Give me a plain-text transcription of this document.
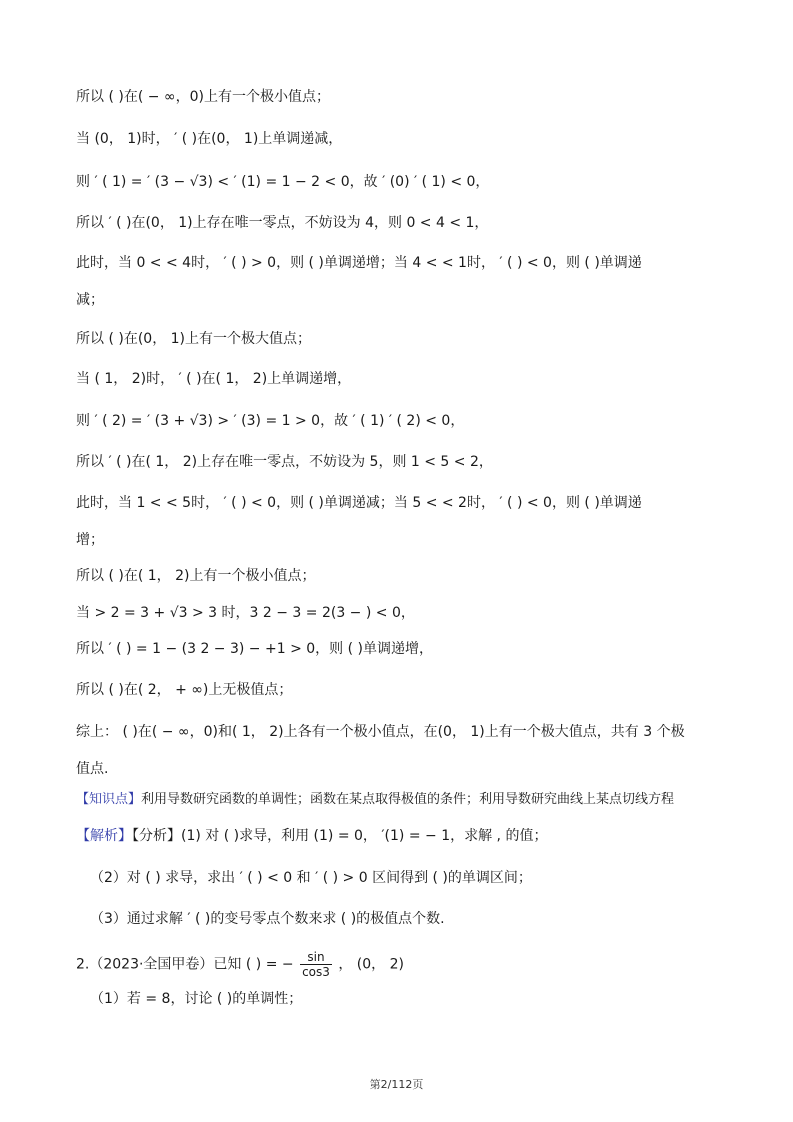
所以 ( )在( − ∞，0)上有一个极小值点；
当 (0， 1)时， ′ ( )在(0， 1)上单调递减，
则 ′ ( 1) = ′ (3 − √3) < ′ (1) = 1 − 2 < 0，故 ′ (0) ′ ( 1) < 0，
所以 ′ ( )在(0， 1)上存在唯一零点，不妨设为 4，则 0 < 4 < 1，
此时，当 0 < < 4时， ′ ( ) > 0，则 ( )单调递增；当 4 < < 1时， ′ ( ) < 0，则 ( )单调递
减；
所以 ( )在(0， 1)上有一个极大值点；
当 ( 1， 2)时， ′ ( )在( 1， 2)上单调递增，
则 ′ ( 2) = ′ (3 + √3) > ′ (3) = 1 > 0，故 ′ ( 1) ′ ( 2) < 0，
所以 ′ ( )在( 1， 2)上存在唯一零点，不妨设为 5，则 1 < 5 < 2，
此时，当 1 < < 5时， ′ ( ) < 0，则 ( )单调递减；当 5 < < 2时， ′ ( ) < 0，则 ( )单调递
增；
所以 ( )在( 1， 2)上有一个极小值点；
当 > 2 = 3 + √3 > 3 时，3 2 − 3 = 2(3 − ) < 0，
所以 ′ ( ) = 1 − (3 2 − 3) − +1 > 0，则 ( )单调递增，
所以 ( )在( 2， + ∞)上无极值点；
综上： ( )在( − ∞，0)和( 1， 2)上各有一个极小值点，在(0， 1)上有一个极大值点，共有 3 个极
值点.
【知识点】利用导数研究函数的单调性；函数在某点取得极值的条件；利用导数研究曲线上某点切线方程
【解析】【分析】(1) 对 ( )求导，利用 (1) = 0， ′(1) = − 1，求解 , 的值；
（2）对 ( ) 求导，求出 ′ ( ) < 0 和 ′ ( ) > 0 区间得到 ( )的单调区间；
（3）通过求解 ′ ( )的变号零点个数来求 ( )的极值点个数.
2.（2023·全国甲卷）已知 ( ) = − $\frac{\sin}{\cos 3}$ ， (0， 2)
（1）若 = 8，讨论 ( )的单调性；
第2/112页
